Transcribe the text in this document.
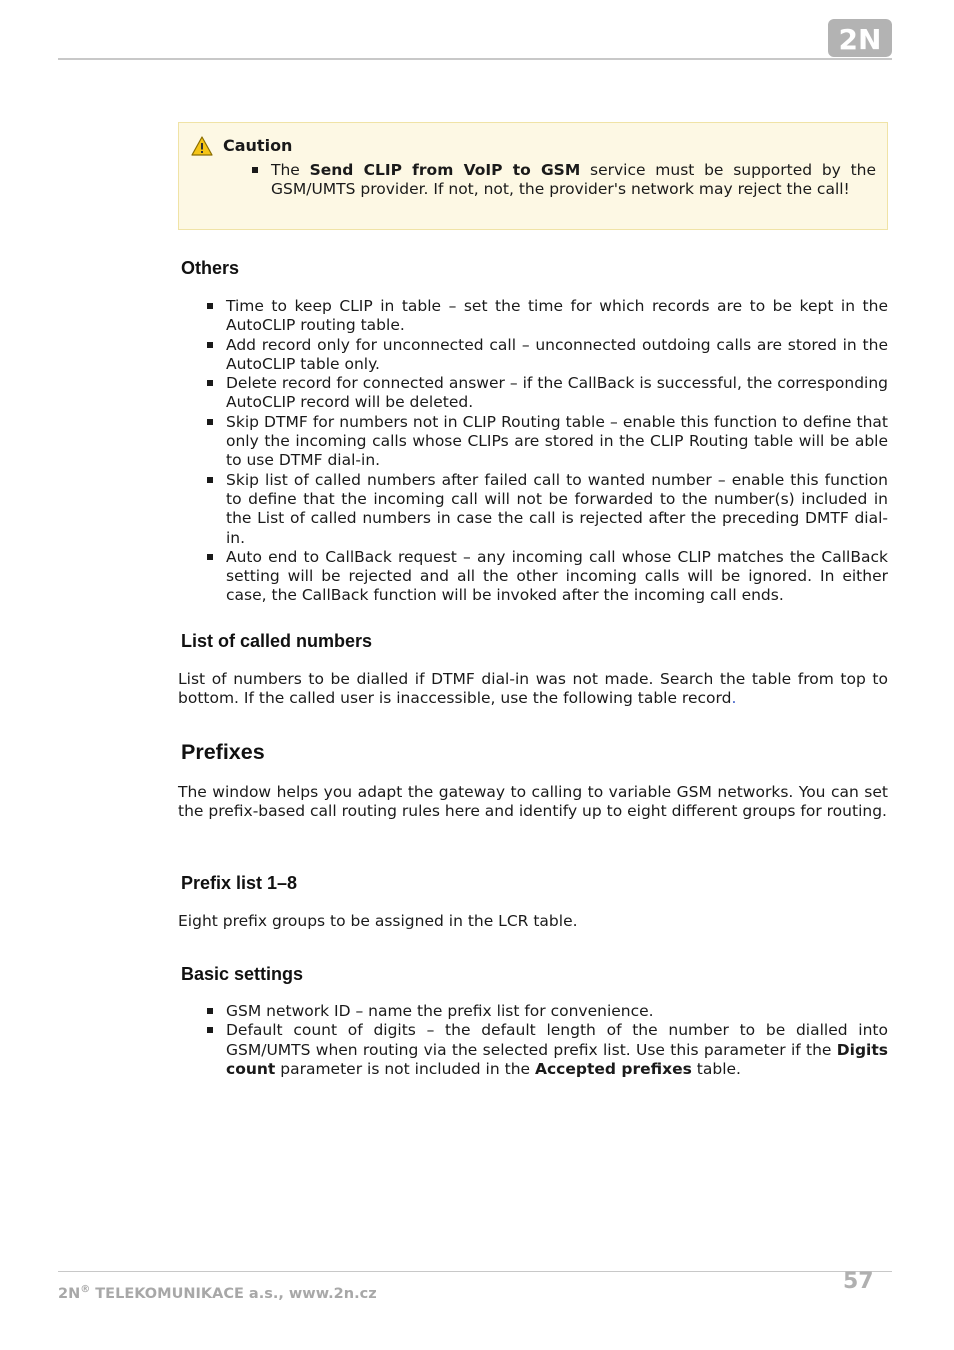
2N
Caution
The Send CLIP from VoIP to GSM service must be supported by the GSM/UMTS provider. If not, not, the provider's network may reject the call!
Others
Time to keep CLIP in table – set the time for which records are to be kept in the AutoCLIP routing table.
Add record only for unconnected call – unconnected outdoing calls are stored in the AutoCLIP table only.
Delete record for connected answer – if the CallBack is successful, the corresponding AutoCLIP record will be deleted.
Skip DTMF for numbers not in CLIP Routing table – enable this function to define that only the incoming calls whose CLIPs are stored in the CLIP Routing table will be able to use DTMF dial-in.
Skip list of called numbers after failed call to wanted number – enable this function to define that the incoming call will not be forwarded to the number(s) included in the List of called numbers in case the call is rejected after the preceding DMTF dial-in.
Auto end to CallBack request – any incoming call whose CLIP matches the CallBack setting will be rejected and all the other incoming calls will be ignored. In either case, the CallBack function will be invoked after the incoming call ends.
List of called numbers

List of numbers to be dialled if DTMF dial-in was not made. Search the table from top to bottom. If the called user is inaccessible, use the following table record.

Prefixes

The window helps you adapt the gateway to calling to variable GSM networks. You can set the prefix-based call routing rules here and identify up to eight different groups for routing.

Prefix list 1–8

Eight prefix groups to be assigned in the LCR table.

Basic settings
GSM network ID – name the prefix list for convenience.
Default count of digits – the default length of the number to be dialled into GSM/UMTS when routing via the selected prefix list. Use this parameter if the Digits count parameter is not included in the Accepted prefixes table.
2N® TELEKOMUNIKACE a.s., www.2n.cz	57
